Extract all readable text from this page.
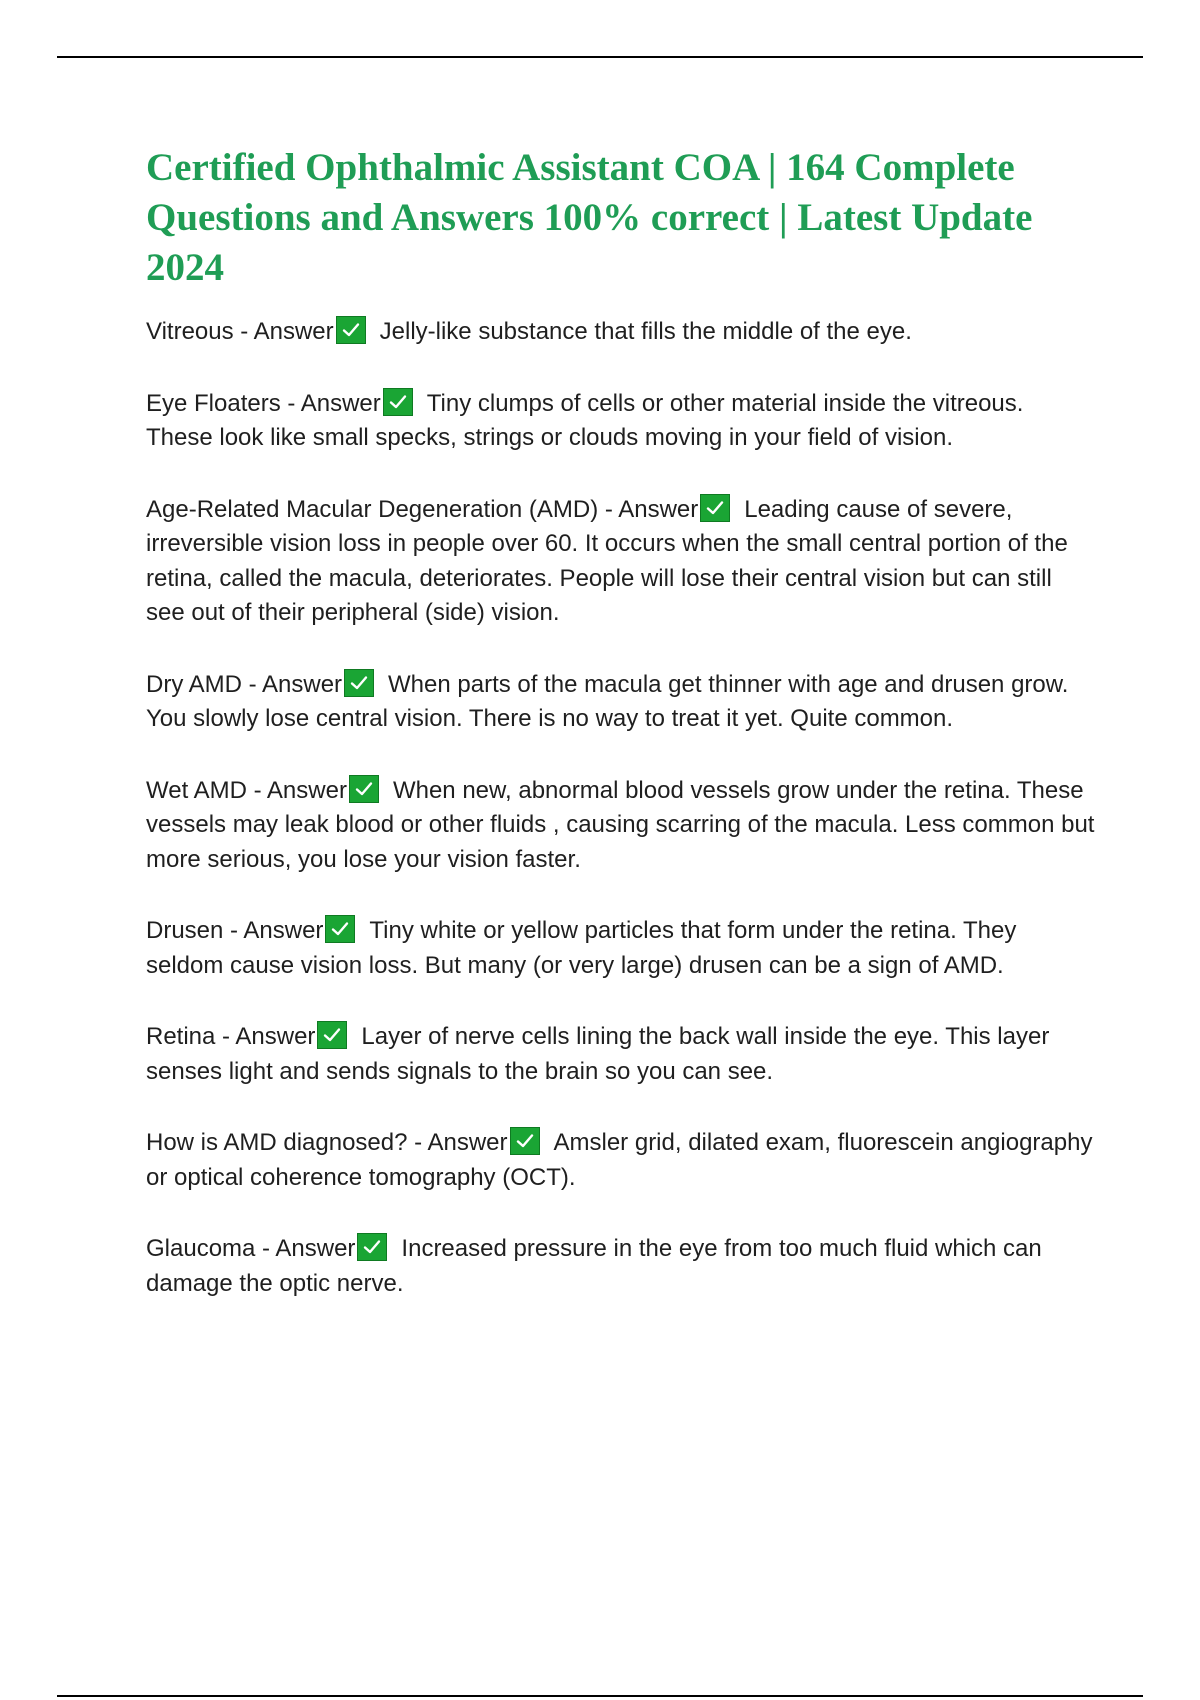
Certified Ophthalmic Assistant COA | 164 Complete Questions and Answers 100% correct | Latest Update 2024

Vitreous - Answer Jelly-like substance that fills the middle of the eye.

Eye Floaters - Answer Tiny clumps of cells or other material inside the vitreous. These look like small specks, strings or clouds moving in your field of vision.

Age-Related Macular Degeneration (AMD) - Answer Leading cause of severe, irreversible vision loss in people over 60. It occurs when the small central portion of the retina, called the macula, deteriorates. People will lose their central vision but can still see out of their peripheral (side) vision.

Dry AMD - Answer When parts of the macula get thinner with age and drusen grow. You slowly lose central vision. There is no way to treat it yet. Quite common.

Wet AMD - Answer When new, abnormal blood vessels grow under the retina. These vessels may leak blood or other fluids , causing scarring of the macula. Less common but more serious, you lose your vision faster.

Drusen - Answer Tiny white or yellow particles that form under the retina. They seldom cause vision loss. But many (or very large) drusen can be a sign of AMD.

Retina - Answer Layer of nerve cells lining the back wall inside the eye. This layer senses light and sends signals to the brain so you can see.

How is AMD diagnosed? - Answer Amsler grid, dilated exam, fluorescein angiography or optical coherence tomography (OCT).

Glaucoma - Answer Increased pressure in the eye from too much fluid which can damage the optic nerve.
